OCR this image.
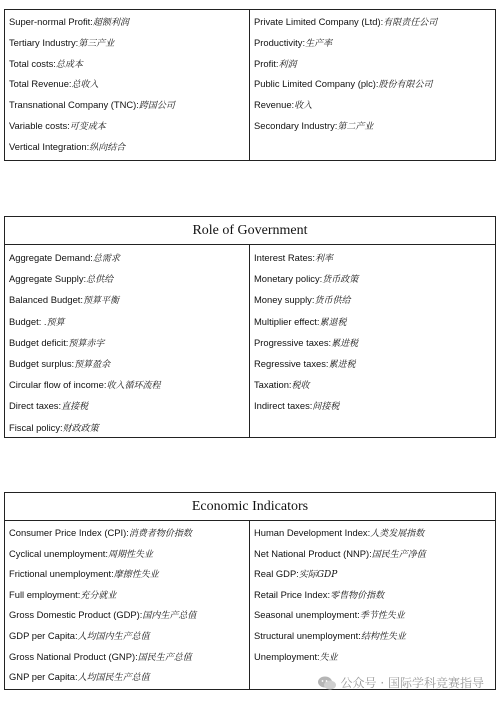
Super-normal Profit:超额利润
Tertiary Industry:第三产业
Total costs:总成本
Total Revenue:总收入
Transnational Company (TNC):跨国公司
Variable costs:可变成本
Vertical Integration:纵向结合
Private Limited Company (Ltd):有限责任公司
Productivity:生产率
Profit:利润
Public Limited Company (plc):股份有限公司
Revenue:收入
Secondary Industry:第二产业
Role of Government
Aggregate Demand:总需求
Aggregate Supply:总供给
Balanced Budget:预算平衡
Budget: .预算
Budget deficit:预算赤字
Budget surplus:预算盈余
Circular flow of income:收入循环流程
Direct taxes:直接税
Fiscal policy:财政政策
Interest Rates:利率
Monetary policy:货币政策
Money supply:货币供给
Multiplier effect:累退税
Progressive taxes:累进税
Regressive taxes:累进税
Taxation:税收
Indirect taxes:间接税
Economic Indicators
Consumer Price Index (CPI):消费者物价指数
Cyclical unemployment:周期性失业
Frictional unemployment:摩擦性失业
Full employment:充分就业
Gross Domestic Product (GDP):国内生产总值
GDP per Capita:人均国内生产总值
Gross National Product (GNP):国民生产总值
GNP per Capita:人均国民生产总值
Human Development Index:人类发展指数
Net National Product (NNP):国民生产净值
Real GDP:实际GDP
Retail Price Index:零售物价指数
Seasonal unemployment:季节性失业
Structural unemployment:结构性失业
Unemployment:失业
公众号 · 国际学科竞赛指导
